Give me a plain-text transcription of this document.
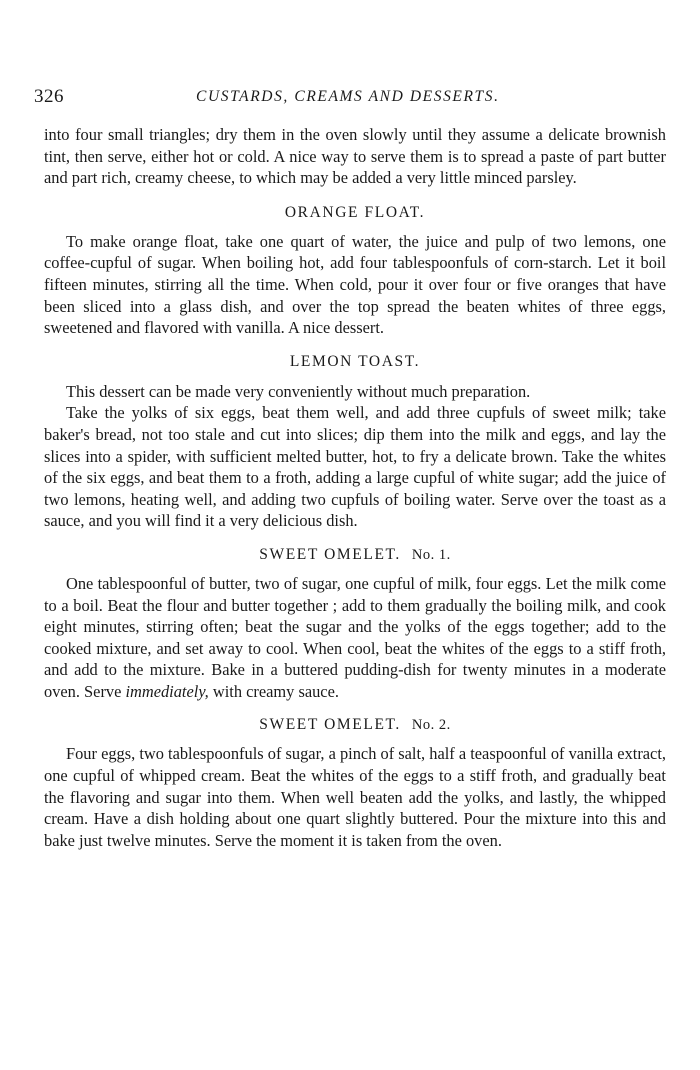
326	CUSTARDS, CREAMS AND DESSERTS.

into four small triangles; dry them in the oven slowly until they assume a delicate brownish tint, then serve, either hot or cold. A nice way to serve them is to spread a paste of part butter and part rich, creamy cheese, to which may be added a very little minced parsley.

ORANGE FLOAT.

To make orange float, take one quart of water, the juice and pulp of two lemons, one coffee-cupful of sugar. When boiling hot, add four tablespoonfuls of corn-starch. Let it boil fifteen minutes, stirring all the time. When cold, pour it over four or five oranges that have been sliced into a glass dish, and over the top spread the beaten whites of three eggs, sweetened and flavored with vanilla. A nice dessert.

LEMON TOAST.

This dessert can be made very conveniently without much preparation.

Take the yolks of six eggs, beat them well, and add three cupfuls of sweet milk; take baker's bread, not too stale and cut into slices; dip them into the milk and eggs, and lay the slices into a spider, with sufficient melted butter, hot, to fry a delicate brown. Take the whites of the six eggs, and beat them to a froth, adding a large cupful of white sugar; add the juice of two lemons, heating well, and adding two cupfuls of boiling water. Serve over the toast as a sauce, and you will find it a very delicious dish.

SWEET OMELET. No. 1.

One tablespoonful of butter, two of sugar, one cupful of milk, four eggs. Let the milk come to a boil. Beat the flour and butter together ; add to them gradually the boiling milk, and cook eight minutes, stirring often; beat the sugar and the yolks of the eggs together; add to the cooked mixture, and set away to cool. When cool, beat the whites of the eggs to a stiff froth, and add to the mixture. Bake in a buttered pudding-dish for twenty minutes in a moderate oven. Serve immediately, with creamy sauce.

SWEET OMELET. No. 2.

Four eggs, two tablespoonfuls of sugar, a pinch of salt, half a teaspoonful of vanilla extract, one cupful of whipped cream. Beat the whites of the eggs to a stiff froth, and gradually beat the flavoring and sugar into them. When well beaten add the yolks, and lastly, the whipped cream. Have a dish holding about one quart slightly buttered. Pour the mixture into this and bake just twelve minutes. Serve the moment it is taken from the oven.
